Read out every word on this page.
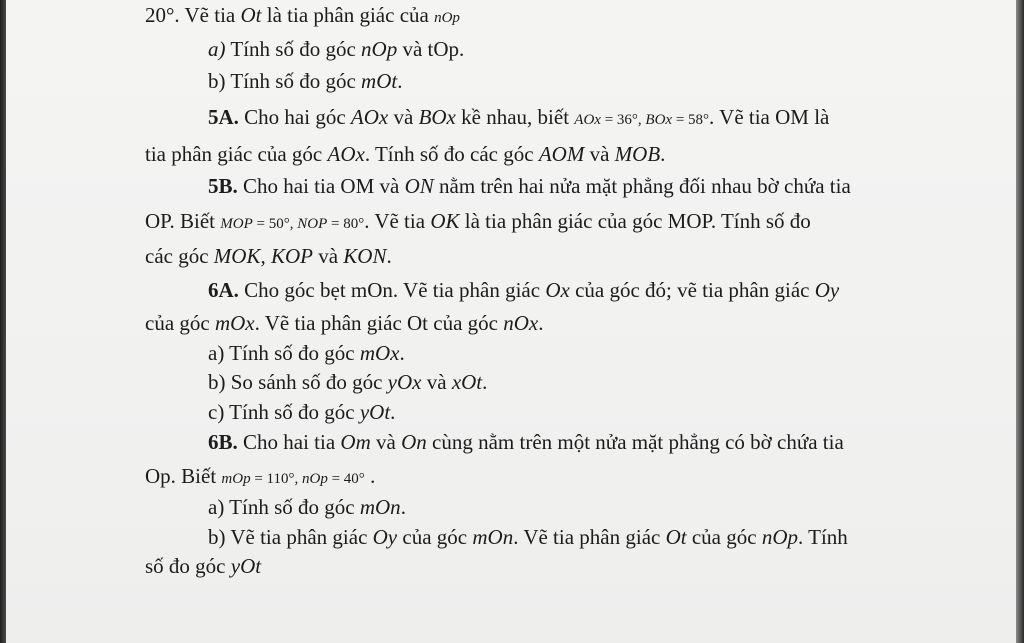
20°. Vẽ tia Ot là tia phân giác của nOp
a) Tính số đo góc nOp và tOp.
b) Tính số đo góc mOt.
5A. Cho hai góc AOx và BOx kề nhau, biết AOx = 36°, BOx = 58°. Vẽ tia OM là
tia phân giác của góc AOx. Tính số đo các góc AOM và MOB.
5B. Cho hai tia OM và ON nằm trên hai nửa mặt phẳng đối nhau bờ chứa tia
OP. Biết MOP = 50°, NOP = 80°. Vẽ tia OK là tia phân giác của góc MOP. Tính số đo
các góc MOK, KOP và KON.
6A. Cho góc bẹt mOn. Vẽ tia phân giác Ox của góc đó; vẽ tia phân giác Oy
của góc mOx. Vẽ tia phân giác Ot của góc nOx.
a) Tính số đo góc mOx.
b) So sánh số đo góc yOx và xOt.
c) Tính số đo góc yOt.
6B. Cho hai tia Om và On cùng nằm trên một nửa mặt phẳng có bờ chứa tia
Op. Biết mOp = 110°, nOp = 40° .
a) Tính số đo góc mOn.
b) Vẽ tia phân giác Oy của góc mOn. Vẽ tia phân giác Ot của góc nOp. Tính
số đo góc yOt
